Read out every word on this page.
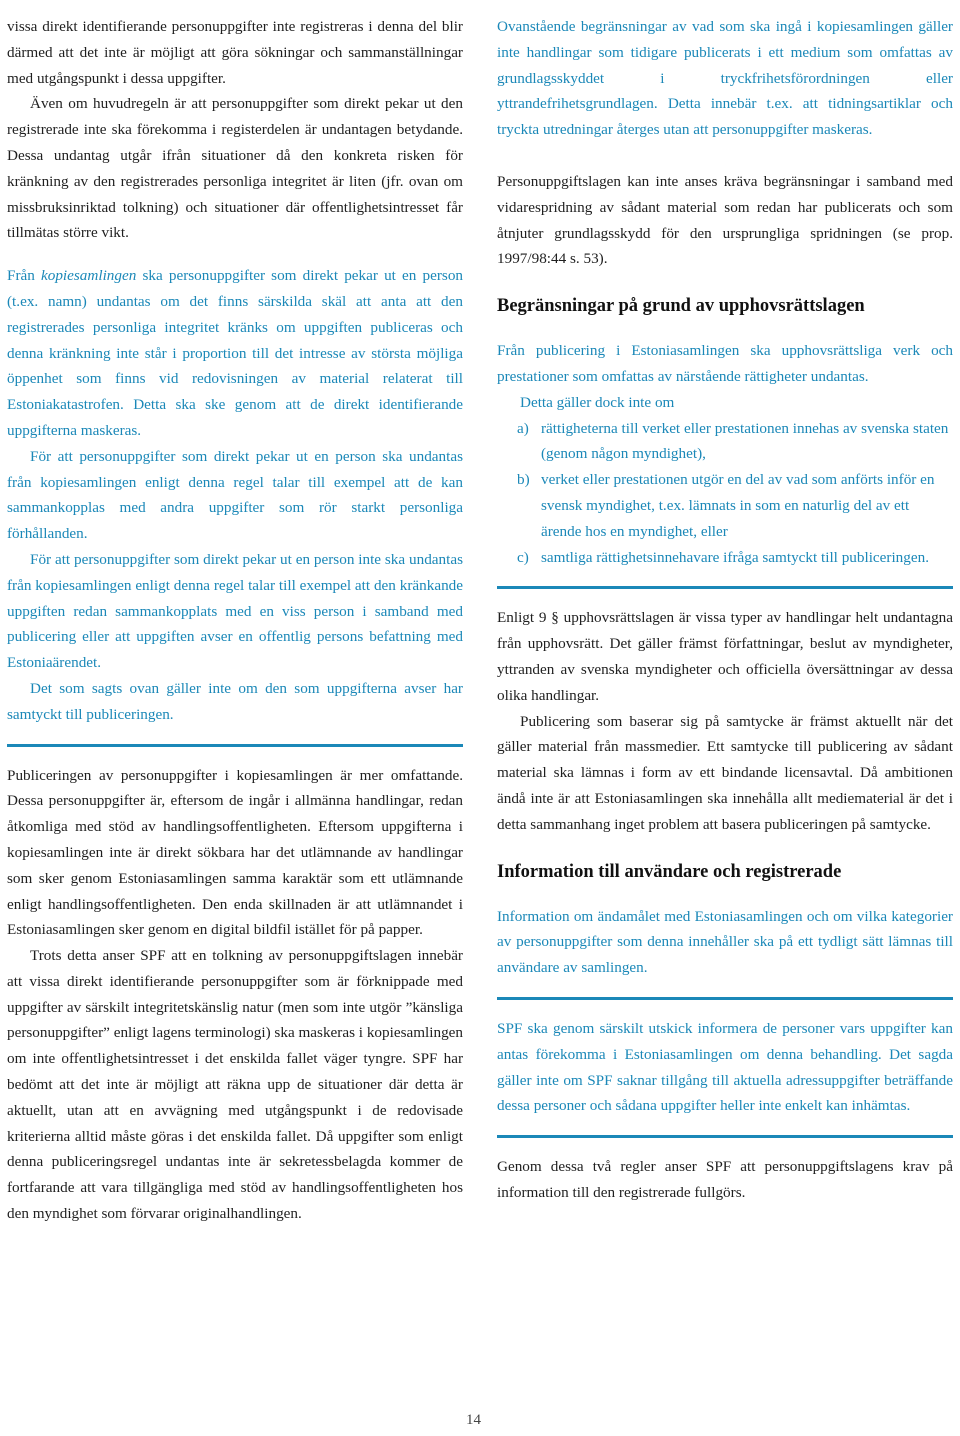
vissa direkt identifierande personuppgifter inte registreras i denna del blir därmed att det inte är möjligt att göra sökningar och sammanställningar med utgångspunkt i dessa uppgifter.

Även om huvudregeln är att personuppgifter som direkt pekar ut den registrerade inte ska förekomma i registerdelen är undantagen betydande. Dessa undantag utgår ifrån situationer då den konkreta risken för kränkning av den registrerades personliga integritet är liten (jfr. ovan om missbruksinriktad tolkning) och situationer där offentlighetsintresset får tillmätas större vikt.

Från kopiesamlingen ska personuppgifter som direkt pekar ut en person (t.ex. namn) undantas om det finns särskilda skäl att anta att den registrerades personliga integritet kränks om uppgiften publiceras och denna kränkning inte står i proportion till det intresse av största möjliga öppenhet som finns vid redovisningen av material relaterat till Estoniakatastrofen. Detta ska ske genom att de direkt identifierande uppgifterna maskeras.

För att personuppgifter som direkt pekar ut en person ska undantas från kopiesamlingen enligt denna regel talar till exempel att de kan sammankopplas med andra uppgifter som rör starkt personliga förhållanden.

För att personuppgifter som direkt pekar ut en person inte ska undantas från kopiesamlingen enligt denna regel talar till exempel att den kränkande uppgiften redan sammankopplats med en viss person i samband med publicering eller att uppgiften avser en offentlig persons befattning med Estoniaärendet.

Det som sagts ovan gäller inte om den som uppgifterna avser har samtyckt till publiceringen.

Publiceringen av personuppgifter i kopiesamlingen är mer omfattande. Dessa personuppgifter är, eftersom de ingår i allmänna handlingar, redan åtkomliga med stöd av handlingsoffentligheten. Eftersom uppgifterna i kopiesamlingen inte är direkt sökbara har det utlämnande av handlingar som sker genom Estoniasamlingen samma karaktär som ett utlämnande enligt handlingsoffentligheten. Den enda skillnaden är att utlämnandet i Estoniasamlingen sker genom en digital bildfil istället för på papper.

Trots detta anser SPF att en tolkning av personuppgiftslagen innebär att vissa direkt identifierande personuppgifter som är förknippade med uppgifter av särskilt integritetskänslig natur (men som inte utgör ”känsliga personuppgifter” enligt lagens terminologi) ska maskeras i kopiesamlingen om inte offentlighetsintresset i det enskilda fallet väger tyngre. SPF har bedömt att det inte är möjligt att räkna upp de situationer där detta är aktuellt, utan att en avvägning med utgångspunkt i de redovisade kriterierna alltid måste göras i det enskilda fallet. Då uppgifter som enligt denna publiceringsregel undantas inte är sekretessbelagda kommer de fortfarande att vara tillgängliga med stöd av handlingsoffentligheten hos den myndighet som förvarar originalhandlingen.

Ovanstående begränsningar av vad som ska ingå i kopiesamlingen gäller inte handlingar som tidigare publicerats i ett medium som omfattas av grundlagsskyddet i tryckfrihetsförordningen eller yttrandefrihetsgrundlagen. Detta innebär t.ex. att tidningsartiklar och tryckta utredningar återges utan att personuppgifter maskeras.

Personuppgiftslagen kan inte anses kräva begränsningar i samband med vidarespridning av sådant material som redan har publicerats och som åtnjuter grundlagsskydd för den ursprungliga spridningen (se prop. 1997/98:44 s. 53).

Begränsningar på grund av upphovsrättslagen

Från publicering i Estoniasamlingen ska upphovsrättsliga verk och prestationer som omfattas av närstående rättigheter undantas.

Detta gäller dock inte om

a) rättigheterna till verket eller prestationen innehas av svenska staten (genom någon myndighet),
b) verket eller prestationen utgör en del av vad som anförts inför en svensk myndighet, t.ex. lämnats in som en naturlig del av ett ärende hos en myndighet, eller
c) samtliga rättighetsinnehavare ifråga samtyckt till publiceringen.

Enligt 9 § upphovsrättslagen är vissa typer av handlingar helt undantagna från upphovsrätt. Det gäller främst författningar, beslut av myndigheter, yttranden av svenska myndigheter och officiella översättningar av dessa olika handlingar.

Publicering som baserar sig på samtycke är främst aktuellt när det gäller material från massmedier. Ett samtycke till publicering av sådant material ska lämnas i form av ett bindande licensavtal. Då ambitionen ändå inte är att Estoniasamlingen ska innehålla allt mediematerial är det i detta sammanhang inget problem att basera publiceringen på samtycke.

Information till användare och registrerade

Information om ändamålet med Estoniasamlingen och om vilka kategorier av personuppgifter som denna innehåller ska på ett tydligt sätt lämnas till användare av samlingen.

SPF ska genom särskilt utskick informera de personer vars uppgifter kan antas förekomma i Estoniasamlingen om denna behandling. Det sagda gäller inte om SPF saknar tillgång till aktuella adressuppgifter beträffande dessa personer och sådana uppgifter heller inte enkelt kan inhämtas.

Genom dessa två regler anser SPF att personuppgiftslagens krav på information till den registrerade fullgörs.

14
